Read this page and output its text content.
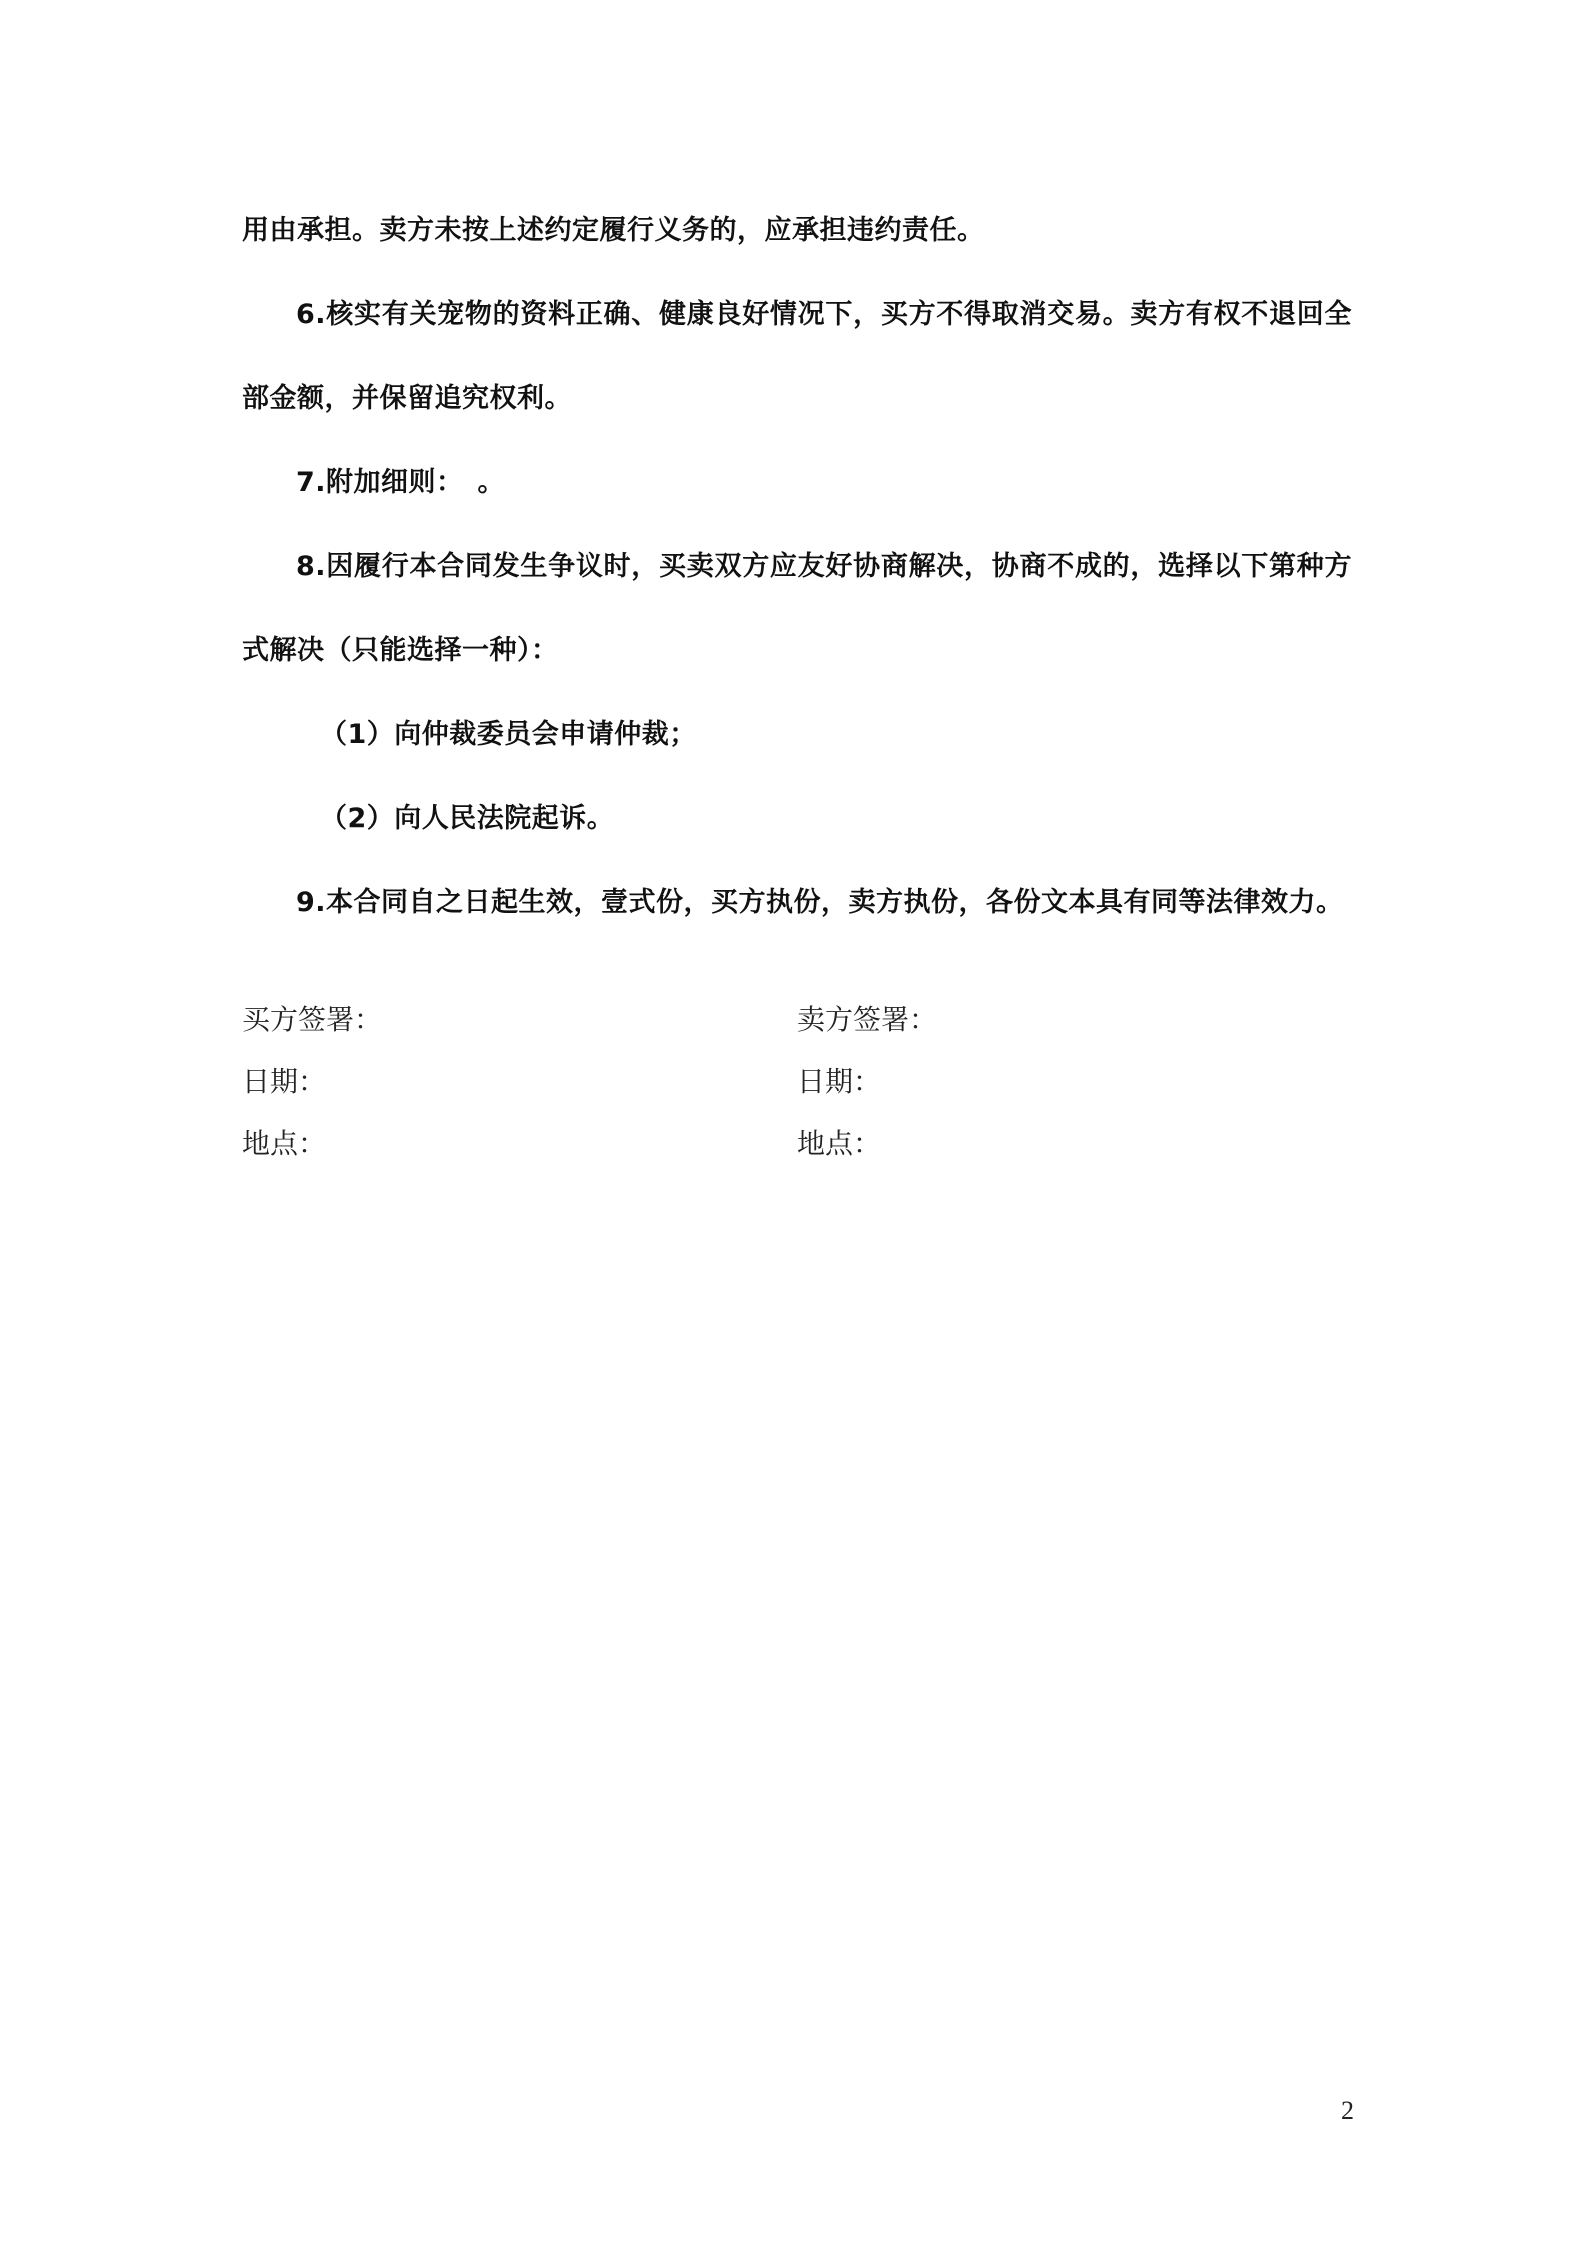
用由承担。卖方未按上述约定履行义务的，应承担违约责任。

6.核实有关宠物的资料正确、健康良好情况下，买方不得取消交易。卖方有权不退回全部金额，并保留追究权利。

7.附加细则：　。

8.因履行本合同发生争议时，买卖双方应友好协商解决，协商不成的，选择以下第种方式解决（只能选择一种）：

（1）向仲裁委员会申请仲裁；

（2）向人民法院起诉。

9.本合同自之日起生效，壹式份，买方执份，卖方执份，各份文本具有同等法律效力。

买方签署：	卖方签署：
日期：	日期：
地点：	地点：
2
